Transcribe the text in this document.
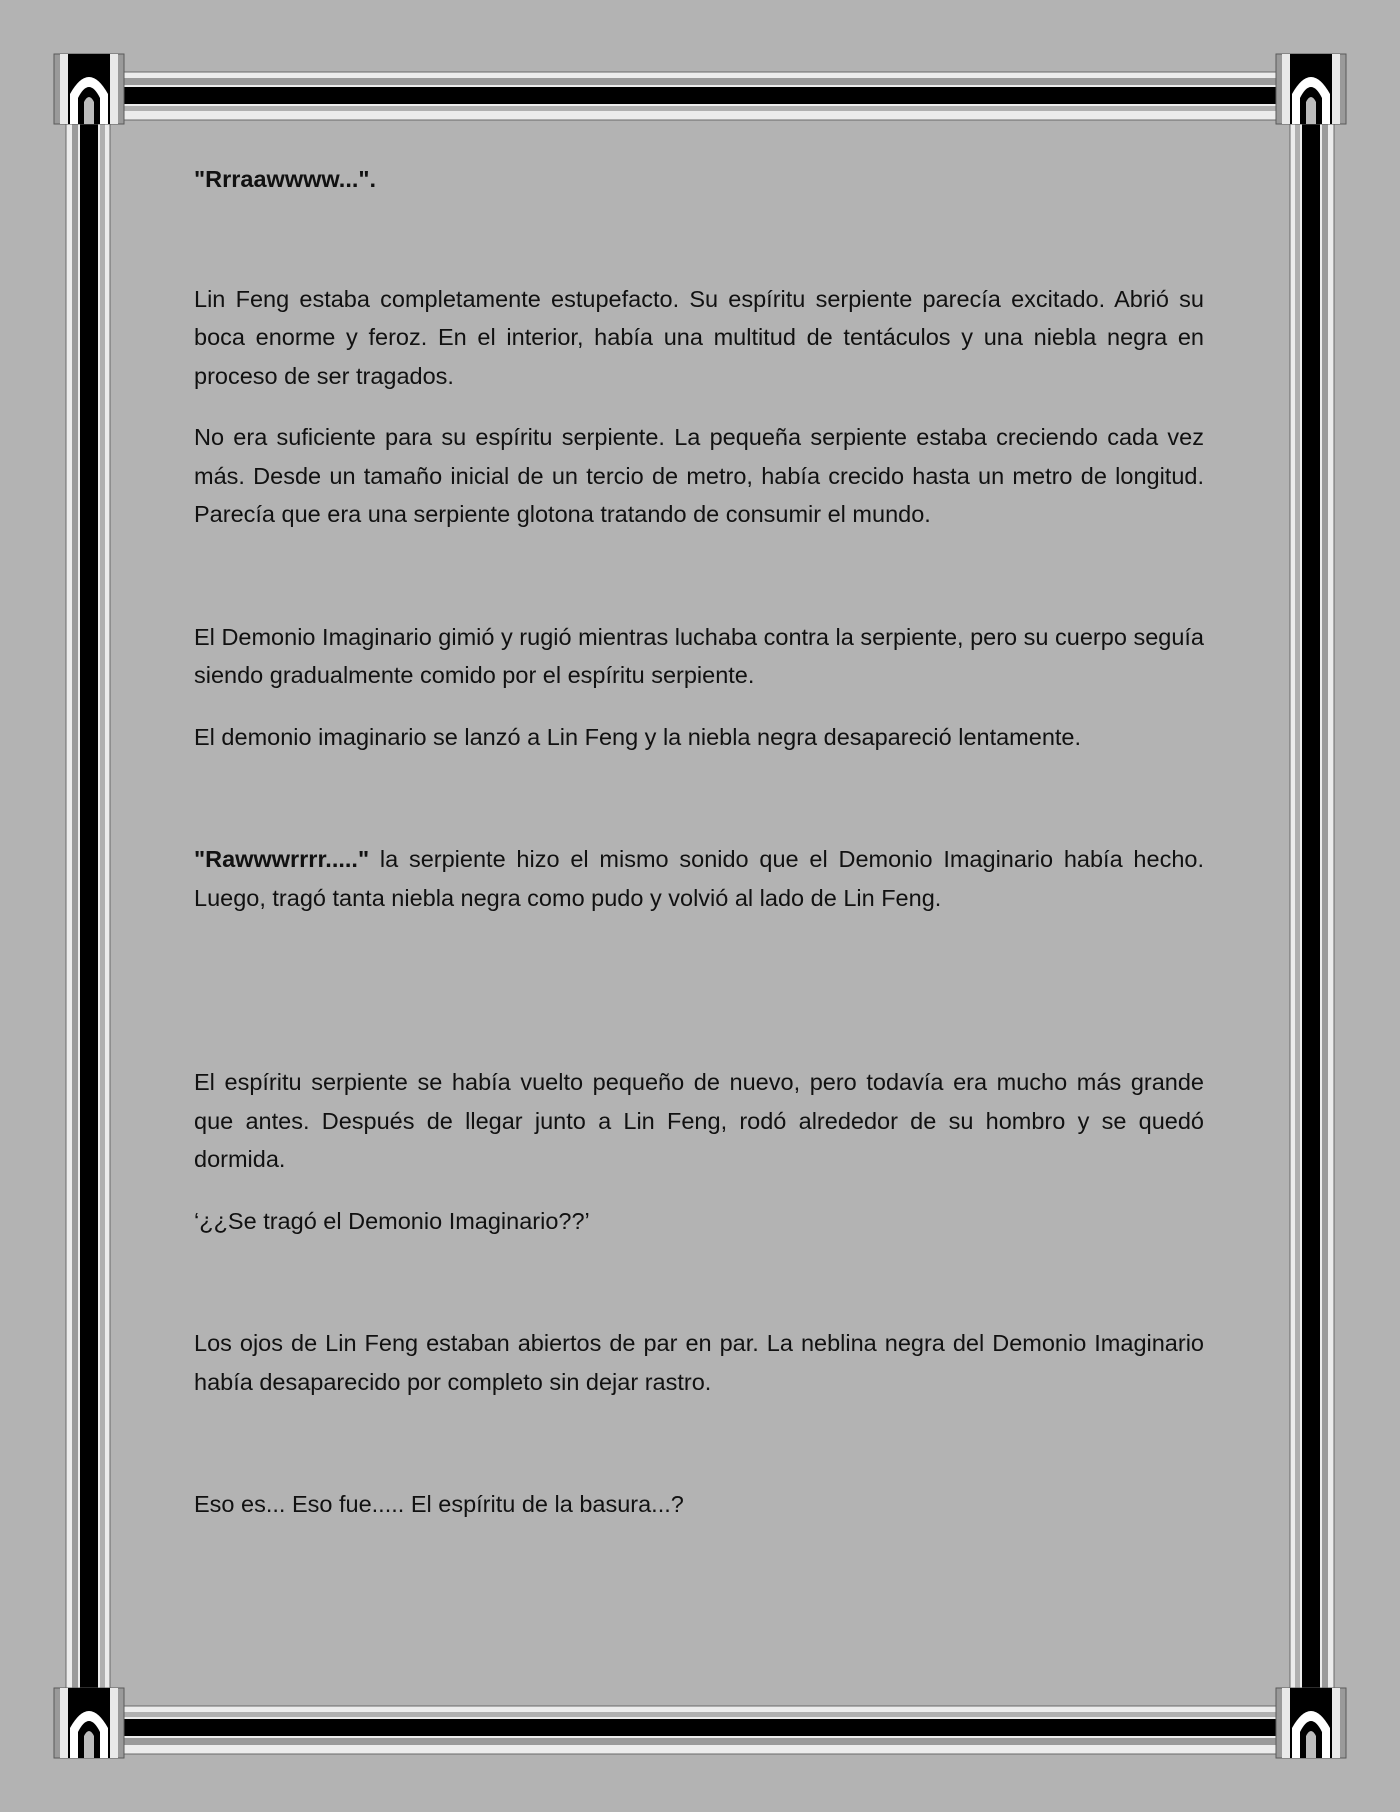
"Rrraawwww...".

Lin Feng estaba completamente estupefacto. Su espíritu serpiente parecía excitado. Abrió su boca enorme y feroz. En el interior, había una multitud de tentáculos y una niebla negra en proceso de ser tragados.

No era suficiente para su espíritu serpiente. La pequeña serpiente estaba creciendo cada vez más. Desde un tamaño inicial de un tercio de metro, había crecido hasta un metro de longitud. Parecía que era una serpiente glotona tratando de consumir el mundo.

El Demonio Imaginario gimió y rugió mientras luchaba contra la serpiente, pero su cuerpo seguía siendo gradualmente comido por el espíritu serpiente.

El demonio imaginario se lanzó a Lin Feng y la niebla negra desapareció lentamente.

"Rawwwrrrr....." la serpiente hizo el mismo sonido que el Demonio Imaginario había hecho. Luego, tragó tanta niebla negra como pudo y volvió al lado de Lin Feng.

El espíritu serpiente se había vuelto pequeño de nuevo, pero todavía era mucho más grande que antes. Después de llegar junto a Lin Feng, rodó alrededor de su hombro y se quedó dormida.

‘¿¿Se tragó el Demonio Imaginario??’

Los ojos de Lin Feng estaban abiertos de par en par. La neblina negra del Demonio Imaginario había desaparecido por completo sin dejar rastro.

Eso es... Eso fue..... El espíritu de la basura...?
